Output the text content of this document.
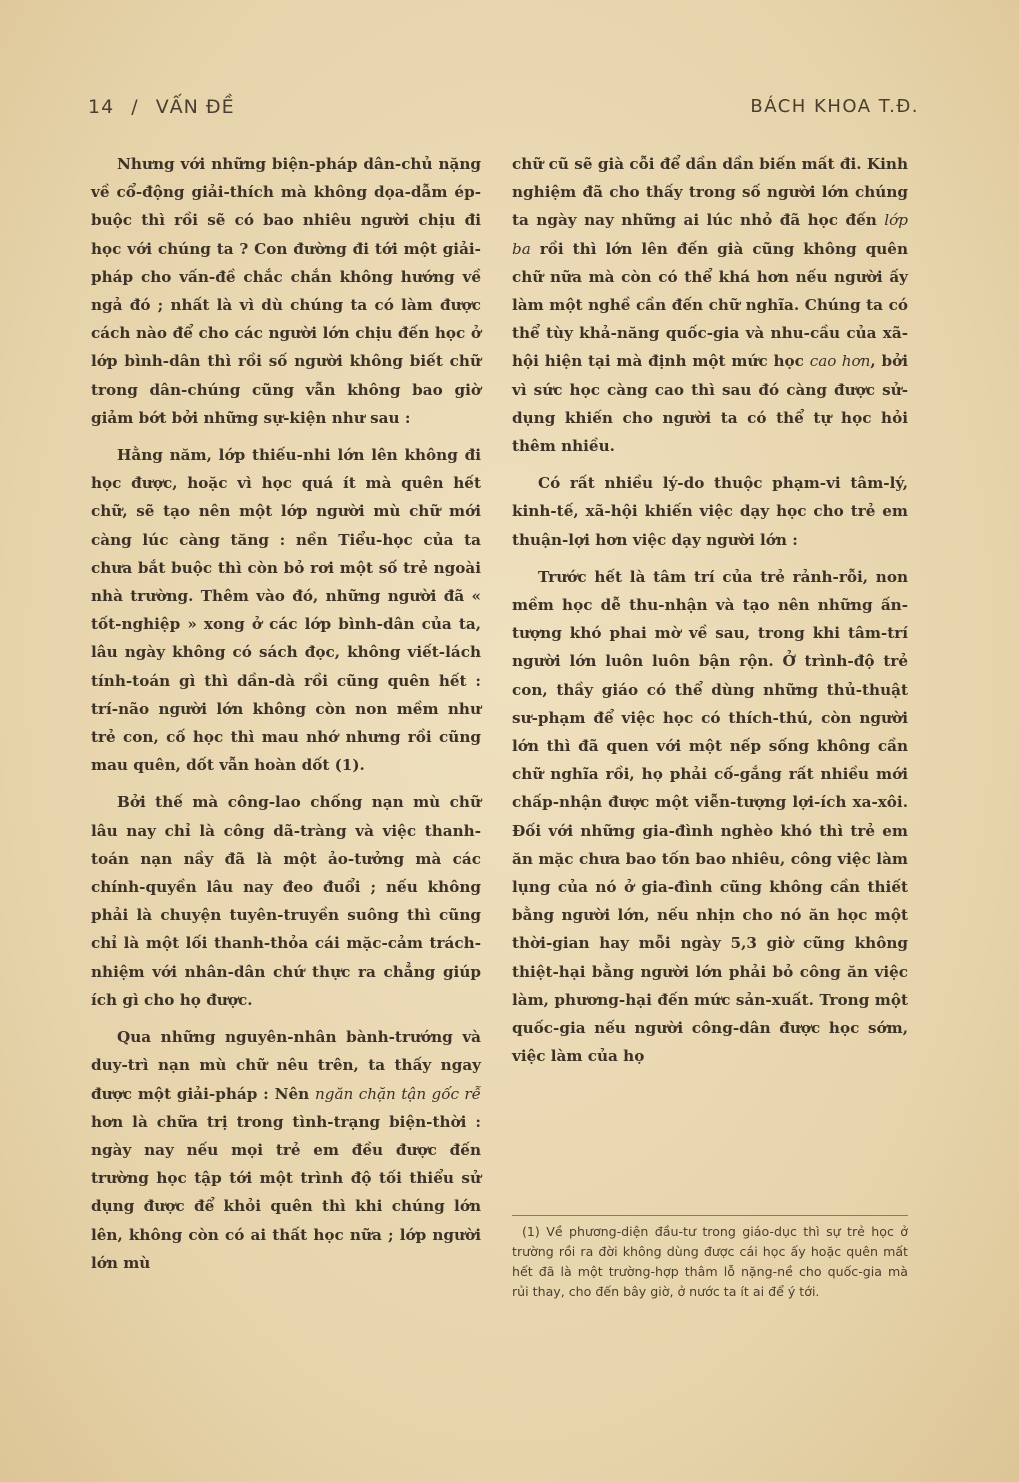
14 / VẤN ĐỀ	BÁCH KHOA T.Đ.

Nhưng với những biện-pháp dân-chủ nặng về cổ-động giải-thích mà không dọa-dẫm ép-buộc thì rồi sẽ có bao nhiêu người chịu đi học với chúng ta ? Con đường đi tới một giải-pháp cho vấn-đề chắc chắn không hướng về ngả đó ; nhất là vì dù chúng ta có làm được cách nào để cho các người lớn chịu đến học ở lớp bình-dân thì rồi số người không biết chữ trong dân-chúng cũng vẫn không bao giờ giảm bớt bởi những sự-kiện như sau :

Hằng năm, lớp thiếu-nhi lớn lên không đi học được, hoặc vì học quá ít mà quên hết chữ, sẽ tạo nên một lớp người mù chữ mới càng lúc càng tăng : nền Tiểu-học của ta chưa bắt buộc thì còn bỏ rơi một số trẻ ngoài nhà trường. Thêm vào đó, những người đã « tốt-nghiệp » xong ở các lớp bình-dân của ta, lâu ngày không có sách đọc, không viết-lách tính-toán gì thì dần-dà rồi cũng quên hết : trí-não người lớn không còn non mềm như trẻ con, cố học thì mau nhớ nhưng rồi cũng mau quên, dốt vẫn hoàn dốt (1).

Bởi thế mà công-lao chống nạn mù chữ lâu nay chỉ là công dã-tràng và việc thanh-toán nạn nầy đã là một ảo-tưởng mà các chính-quyền lâu nay đeo đuổi ; nếu không phải là chuyện tuyên-truyền suông thì cũng chỉ là một lối thanh-thỏa cái mặc-cảm trách-nhiệm với nhân-dân chứ thực ra chẳng giúp ích gì cho họ được.

Qua những nguyên-nhân bành-trướng và duy-trì nạn mù chữ nêu trên, ta thấy ngay được một giải-pháp : Nên ngăn chặn tận gốc rễ hơn là chữa trị trong tình-trạng biện-thời : ngày nay nếu mọi trẻ em đều được đến trường học tập tới một trình độ tối thiểu sử dụng được để khỏi quên thì khi chúng lớn lên, không còn có ai thất học nữa ; lớp người lớn mù

chữ cũ sẽ già cỗi để dần dần biến mất đi. Kinh nghiệm đã cho thấy trong số người lớn chúng ta ngày nay những ai lúc nhỏ đã học đến lớp ba rồi thì lớn lên đến già cũng không quên chữ nữa mà còn có thể khá hơn nếu người ấy làm một nghề cần đến chữ nghĩa. Chúng ta có thể tùy khả-năng quốc-gia và nhu-cầu của xã-hội hiện tại mà định một mức học cao hơn, bởi vì sức học càng cao thì sau đó càng được sử-dụng khiến cho người ta có thể tự học hỏi thêm nhiều.

Có rất nhiều lý-do thuộc phạm-vi tâm-lý, kinh-tế, xã-hội khiến việc dạy học cho trẻ em thuận-lợi hơn việc dạy người lớn :

Trước hết là tâm trí của trẻ rảnh-rỗi, non mềm học dễ thu-nhận và tạo nên những ấn-tượng khó phai mờ về sau, trong khi tâm-trí người lớn luôn luôn bận rộn. Ở trình-độ trẻ con, thầy giáo có thể dùng những thủ-thuật sư-phạm để việc học có thích-thú, còn người lớn thì đã quen với một nếp sống không cần chữ nghĩa rồi, họ phải cố-gắng rất nhiều mới chấp-nhận được một viễn-tượng lợi-ích xa-xôi. Đối với những gia-đình nghèo khó thì trẻ em ăn mặc chưa bao tốn bao nhiêu, công việc làm lụng của nó ở gia-đình cũng không cần thiết bằng người lớn, nếu nhịn cho nó ăn học một thời-gian hay mỗi ngày 5,3 giờ cũng không thiệt-hại bằng người lớn phải bỏ công ăn việc làm, phương-hại đến mức sản-xuất. Trong một quốc-gia nếu người công-dân được học sớm, việc làm của họ

(1) Về phương-diện đầu-tư trong giáo-dục thì sự trẻ học ở trường rồi ra đời không dùng được cái học ấy hoặc quên mất hết đã là một trường-hợp thâm lỗ nặng-nề cho quốc-gia mà rủi thay, cho đến bây giờ, ở nước ta ít ai để ý tới.
